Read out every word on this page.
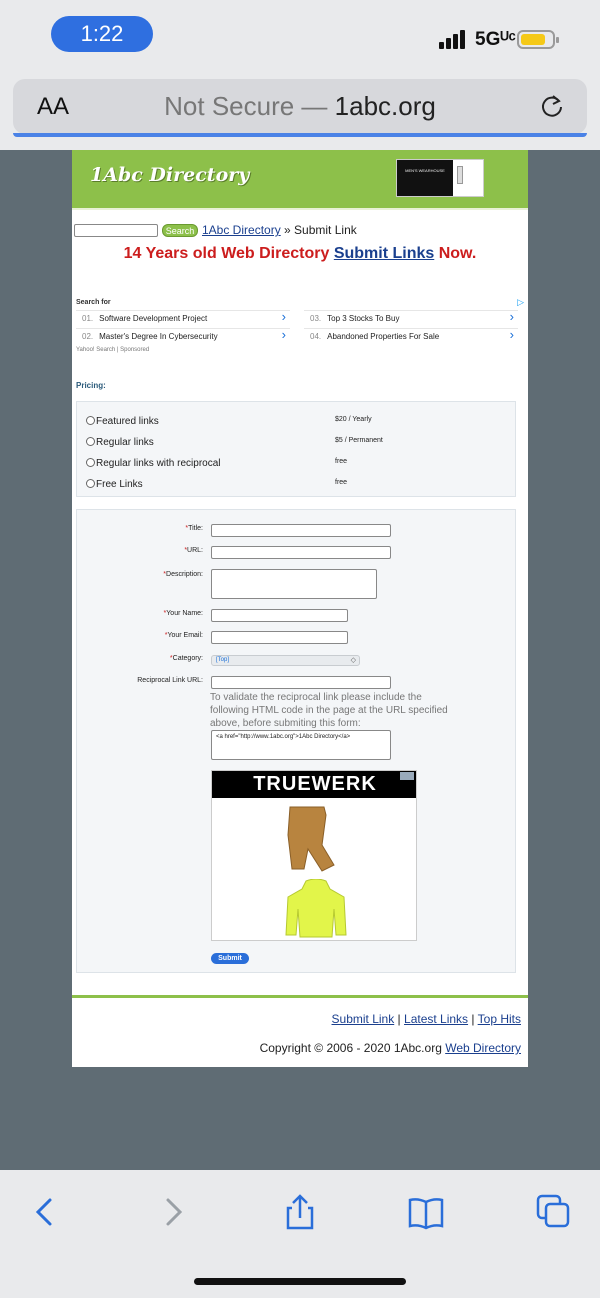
1:22	5Gᵁᶜ
AA	Not Secure — 1abc.org
1Abc Directory	MEN'S WEARHOUSE
Search 1Abc Directory » Submit Link
14 Years old Web Directory Submit Links Now.
Search for	▷
01. Software Development Project	›
02. Master's Degree In Cybersecurity	›
03. Top 3 Stocks To Buy	›
04. Abandoned Properties For Sale	›
Yahoo! Search | Sponsored
Pricing:
Featured links	$20 / Yearly
Regular links	$5 / Permanent
Regular links with reciprocal	free
Free Links	free
*Title:
*URL:
*Description:
*Your Name:
*Your Email:
*Category:	[Top]	◇
Reciprocal Link URL:
To validate the reciprocal link please include the following HTML code in the page at the URL specified above, before submiting this form:
<a href="http://www.1abc.org">1Abc Directory</a>
TRUEWERK
Submit
Submit Link | Latest Links | Top Hits
Copyright © 2006 - 2020 1Abc.org Web Directory
